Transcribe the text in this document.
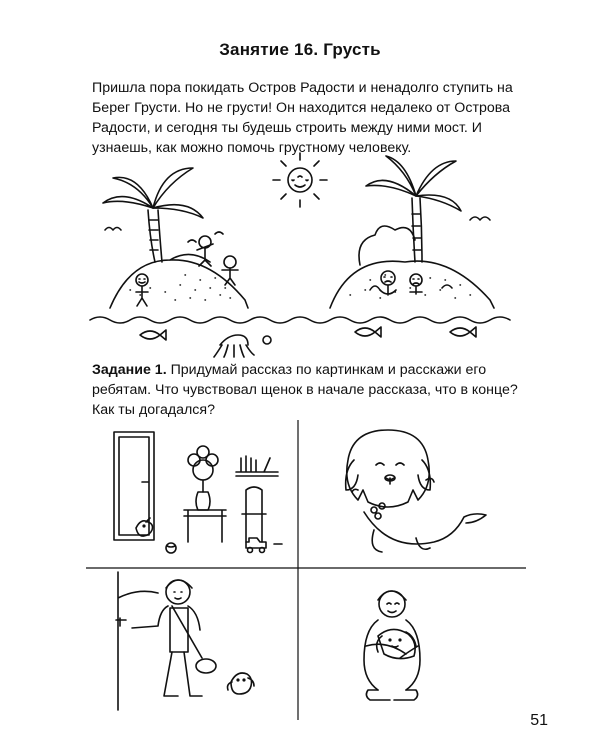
Занятие 16. Грусть
Пришла пора покидать Остров Радости и ненадолго ступить на Берег Грусти. Но не грусти! Он находится недалеко от Острова Радости, и сегодня ты будешь строить между ними мост. И узнаешь, как можно помочь грустному человеку.
Задание 1. Придумай рассказ по картинкам и расскажи его ребятам. Что чувствовал щенок в начале рассказа, что в конце? Как ты догадался?
51
